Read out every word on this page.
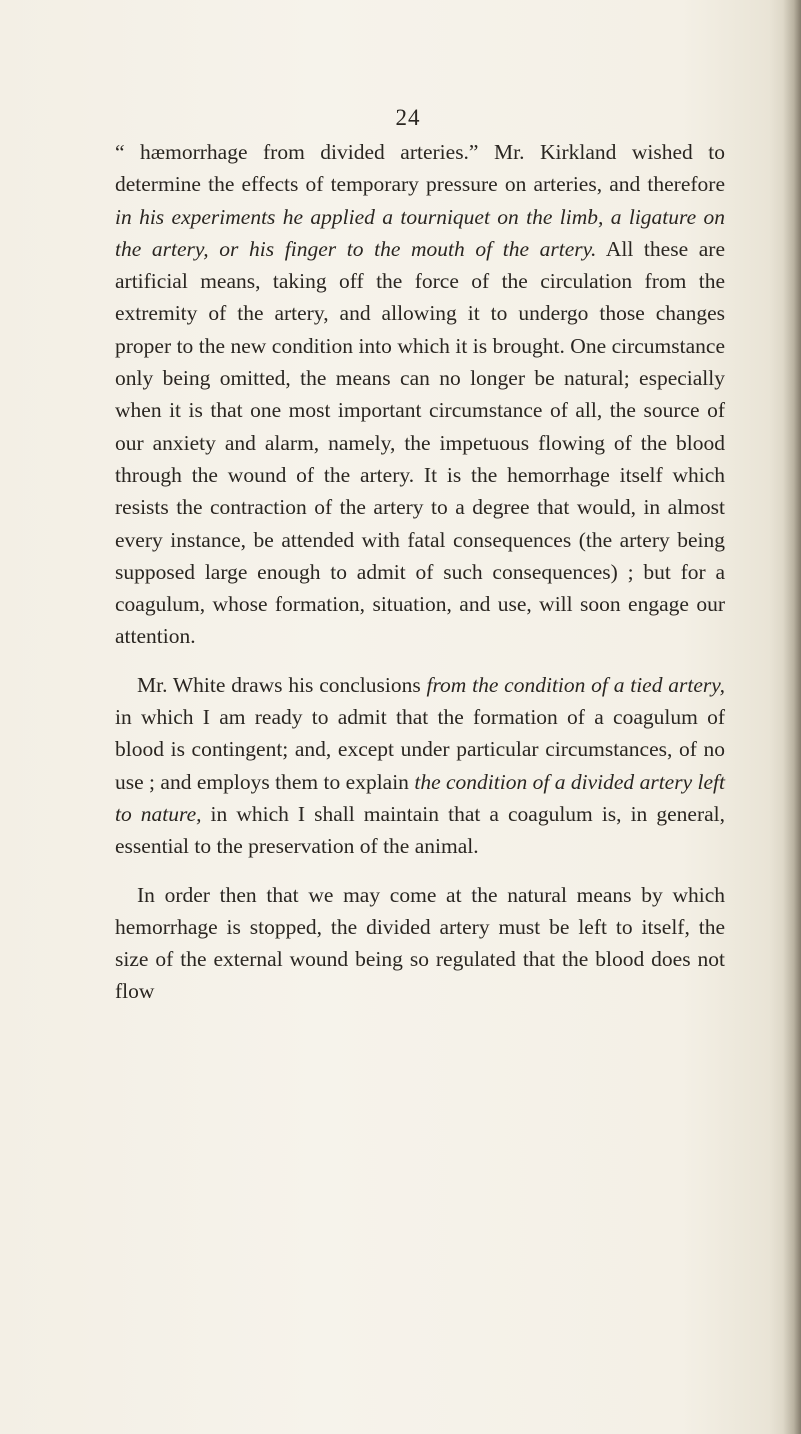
24

“ hæmorrhage from divided arteries.” Mr. Kirkland wished to determine the effects of temporary pressure on arteries, and therefore in his experiments he applied a tourniquet on the limb, a ligature on the artery, or his finger to the mouth of the artery. All these are artificial means, taking off the force of the circulation from the extremity of the artery, and allowing it to undergo those changes proper to the new condition into which it is brought. One circumstance only being omitted, the means can no longer be natural; especially when it is that one most important circumstance of all, the source of our anxiety and alarm, namely, the impetuous flowing of the blood through the wound of the artery. It is the hemorrhage itself which resists the contraction of the artery to a degree that would, in almost every instance, be attended with fatal consequences (the artery being supposed large enough to admit of such consequences) ; but for a coagulum, whose formation, situation, and use, will soon engage our attention.

Mr. White draws his conclusions from the condition of a tied artery, in which I am ready to admit that the formation of a coagulum of blood is contingent; and, except under particular circumstances, of no use ; and employs them to explain the condition of a divided artery left to nature, in which I shall maintain that a coagulum is, in general, essential to the preservation of the animal.

In order then that we may come at the natural means by which hemorrhage is stopped, the divided artery must be left to itself, the size of the external wound being so regulated that the blood does not flow
